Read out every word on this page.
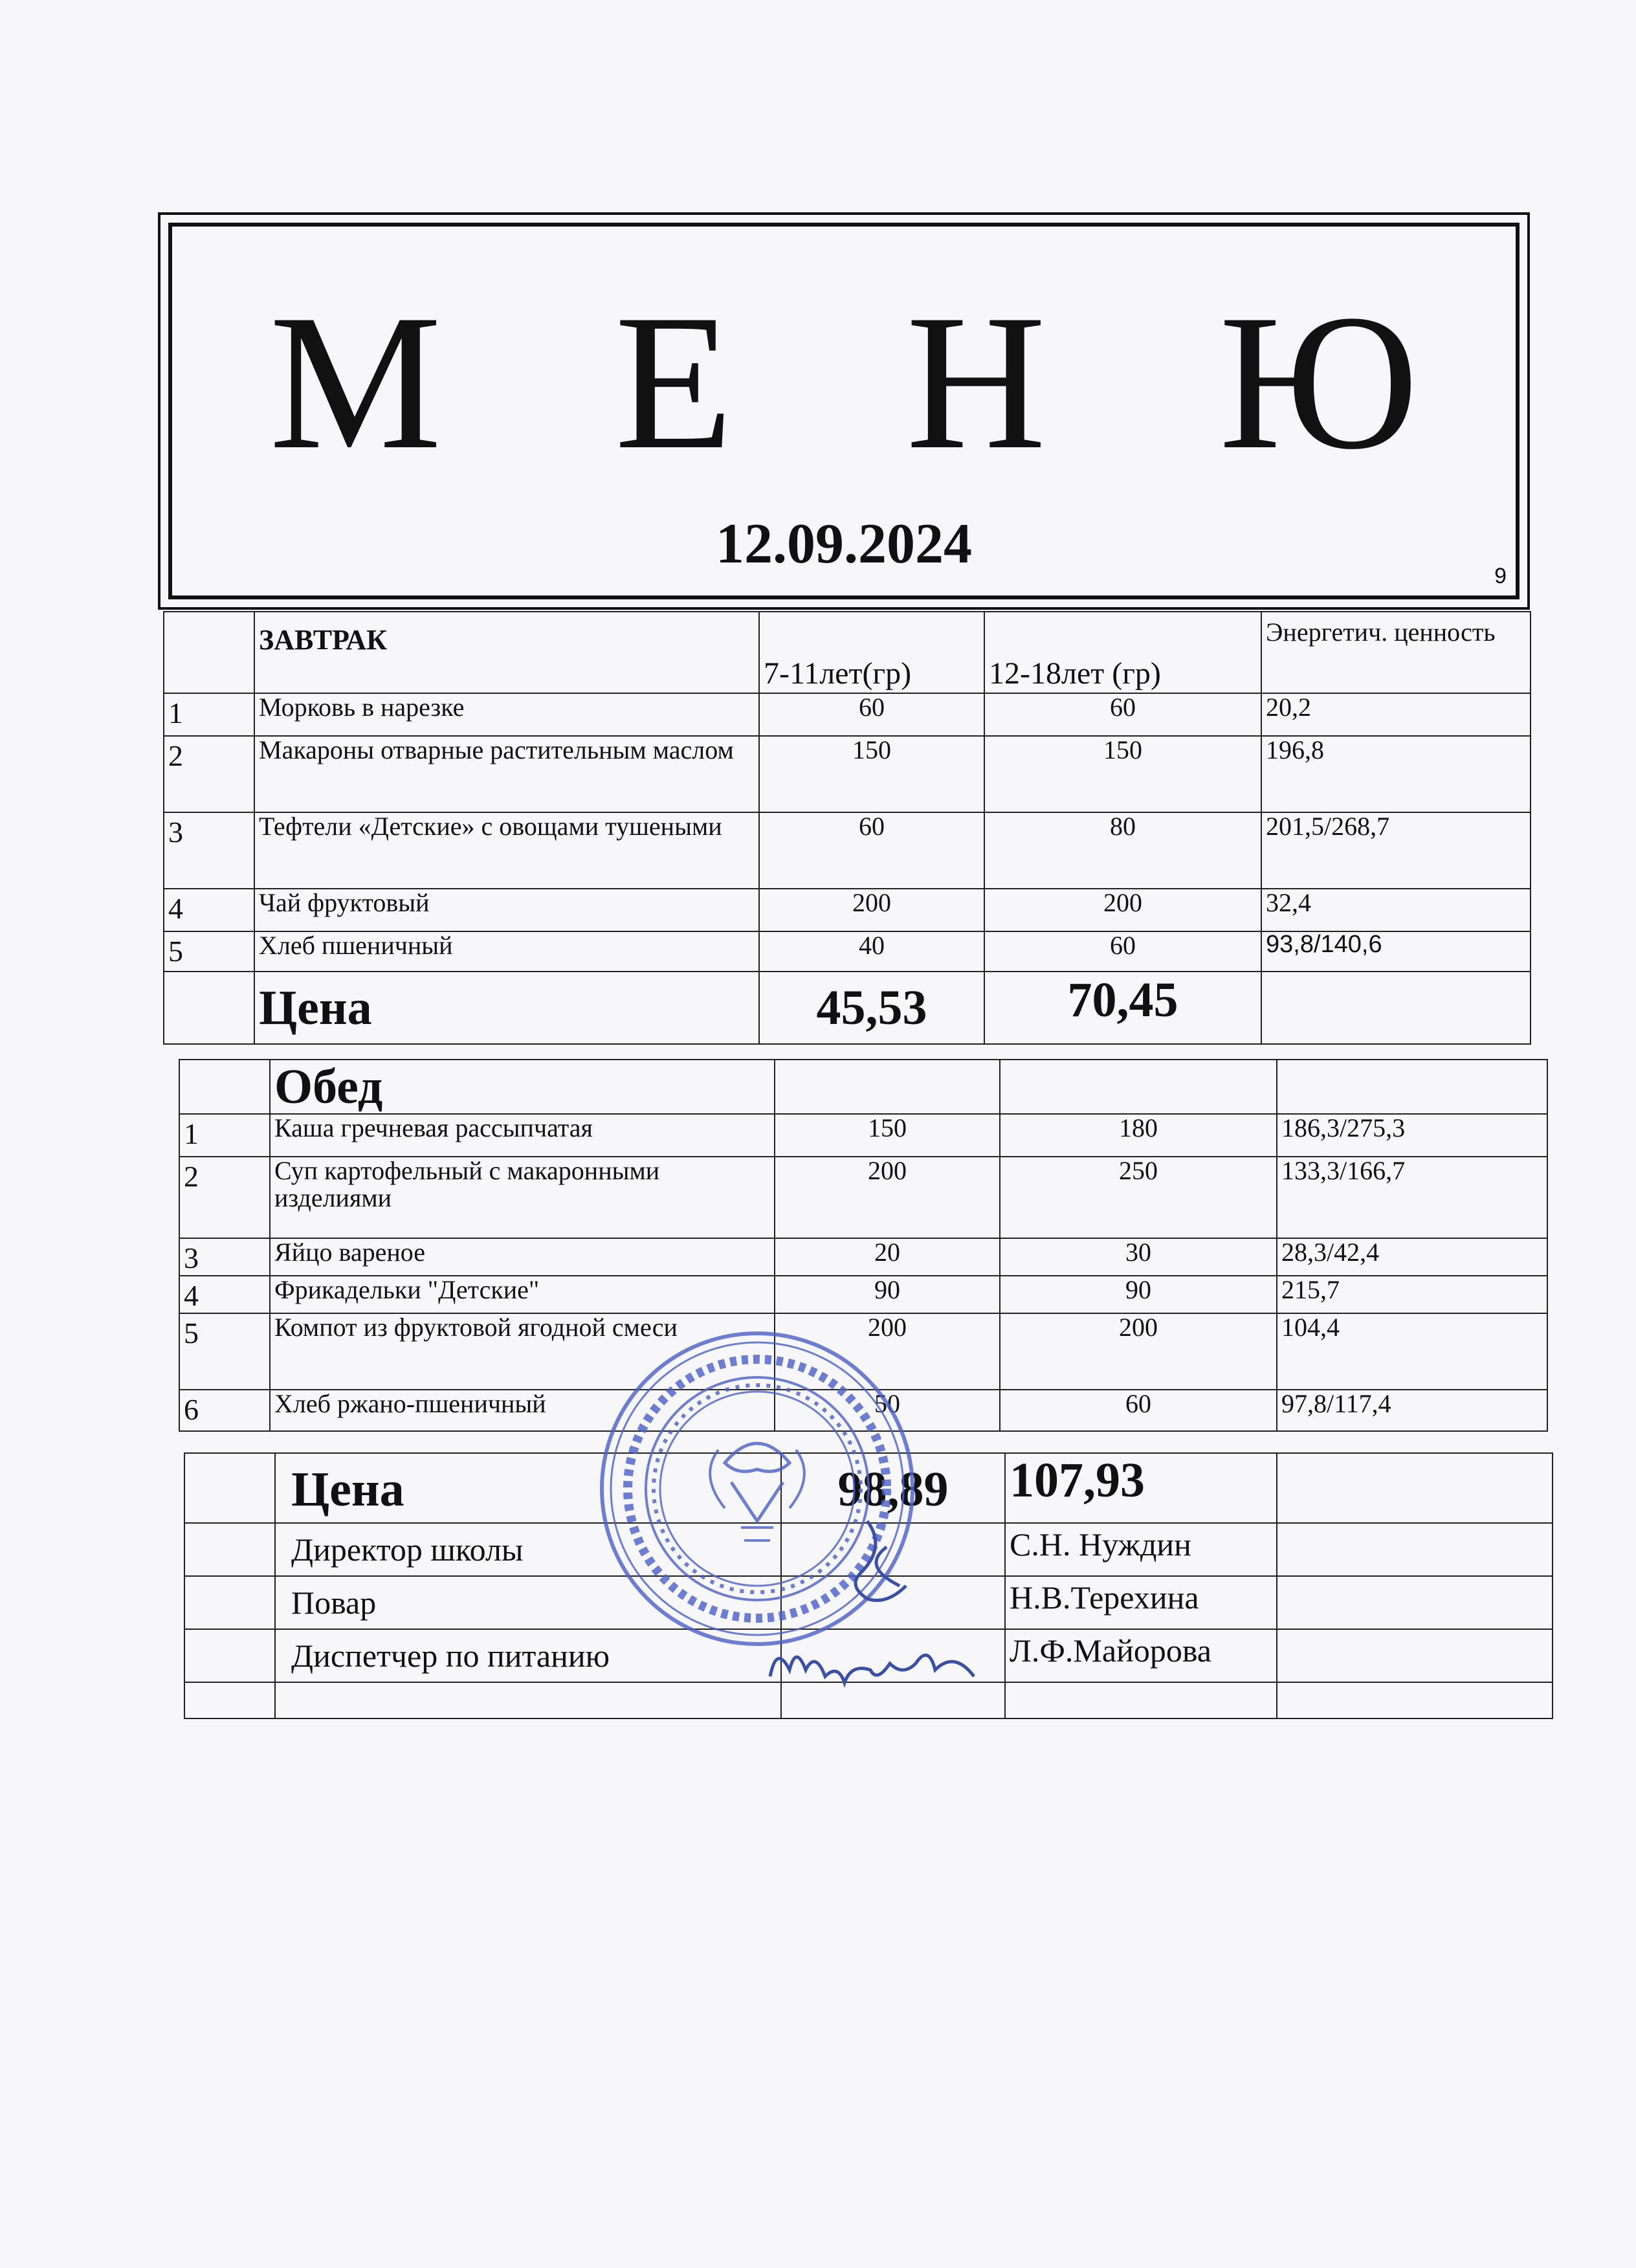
М Е Н Ю
12.09.2024
9
	ЗАВТРАК	7-11лет(гр)	12-18лет (гр)	Энергетич. ценность
1	Морковь в нарезке	60	60	20,2
2	Макароны отварные растительным маслом	150	150	196,8
3	Тефтели «Детские» с овощами тушеными	60	80	201,5/268,7
4	Чай фруктовый	200	200	32,4
5	Хлеб пшеничный	40	60	93,8/140,6
	Цена	45,53	70,45	
	Обед			
1	Каша гречневая рассыпчатая	150	180	186,3/275,3
2	Суп картофельный с макаронными изделиями	200	250	133,3/166,7
3	Яйцо вареное	20	30	28,3/42,4
4	Фрикадельки "Детские"	90	90	215,7
5	Компот из фруктовой ягодной смеси	200	200	104,4
6	Хлеб ржано-пшеничный	50	60	97,8/117,4
	Цена	98,89	107,93	
	Директор школы		С.Н. Нуждин	
	Повар		Н.В.Терехина	
	Диспетчер по питанию		Л.Ф.Майорова	
